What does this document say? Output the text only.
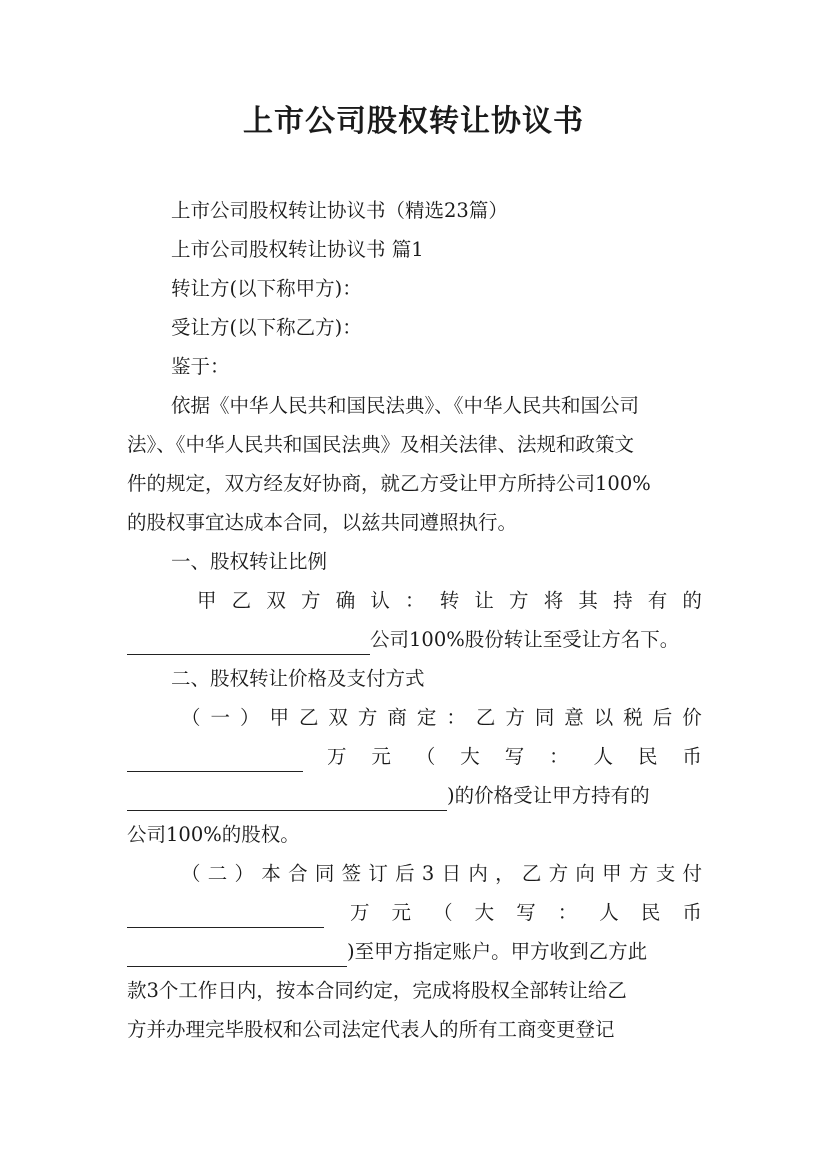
上市公司股权转让协议书
上市公司股权转让协议书（精选23篇）
上市公司股权转让协议书 篇1
转让方(以下称甲方)：
受让方(以下称乙方)：
鉴于：
依据《中华人民共和国民法典》、《中华人民共和国公司
法》、《中华人民共和国民法典》及相关法律、法规和政策文
件的规定，双方经友好协商，就乙方受让甲方所持公司100%
的股权事宜达成本合同，以兹共同遵照执行。
一、股权转让比例
甲 乙 双 方 确 认 ： 转 让 方 将 其 持 有 的
公司100%股份转让至受让方名下。
二、股权转让价格及支付方式
（ 一 ） 甲 乙 双 方 商 定 ： 乙 方 同 意 以 税 后 价
万 元 （ 大 写 ： 人 民 币
)的价格受让甲方持有的
公司100%的股权。
（ 二 ） 本 合 同 签 订 后 3 日 内 ， 乙 方 向 甲 方 支 付
万 元 （ 大 写 ： 人 民 币
)至甲方指定账户。甲方收到乙方此
款3个工作日内，按本合同约定，完成将股权全部转让给乙
方并办理完毕股权和公司法定代表人的所有工商变更登记
